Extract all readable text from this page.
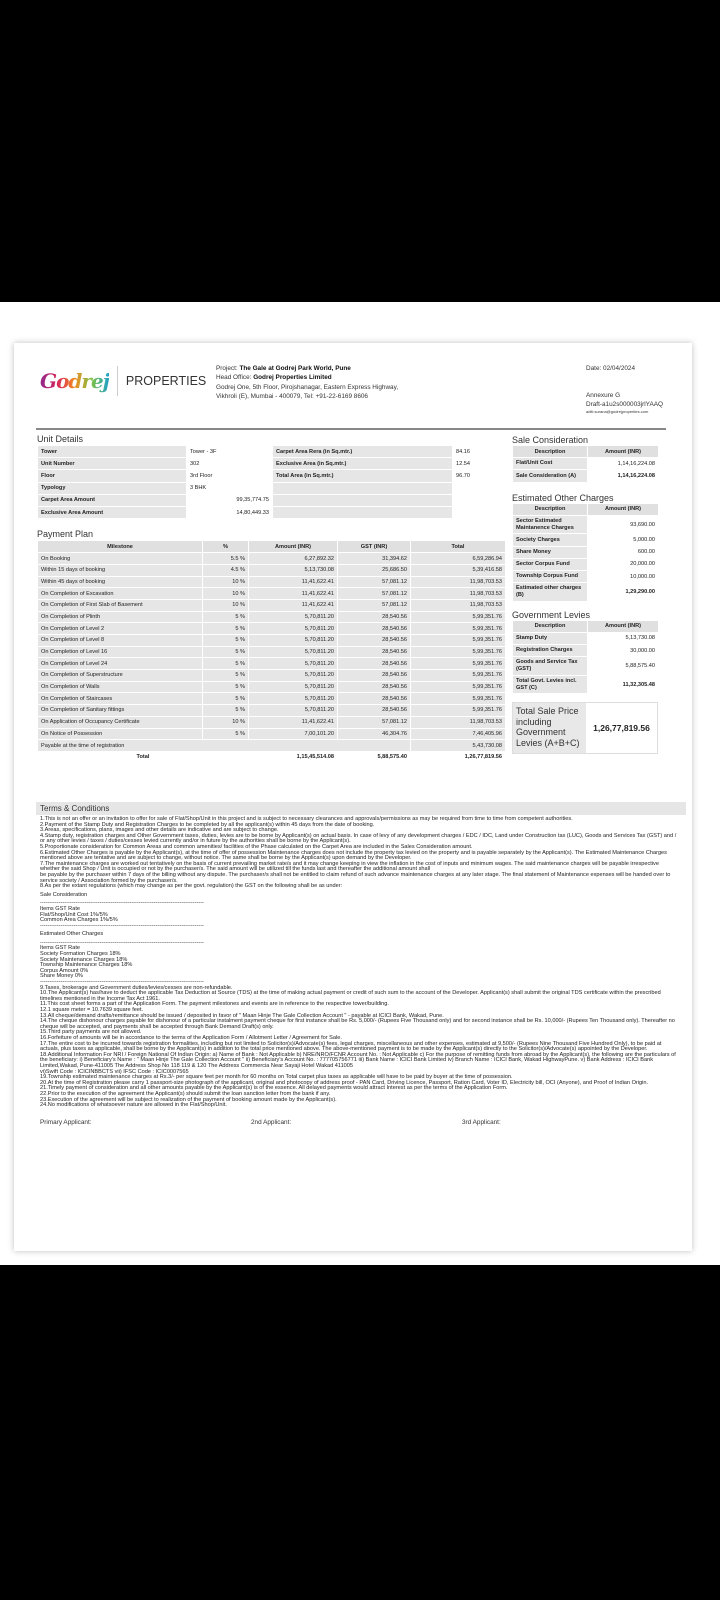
Godrej PROPERTIES
Project: The Gale at Godrej Park World, Pune
Head Office: Godrej Properties Limited
Godrej One, 5th Floor, Pirojshanagar, Eastern Express Highway,
Vikhroli (E), Mumbai - 400079, Tel: +91-22-6169 8606
Date: 02/04/2024
Annexure G
Draft-a1u2s000003jrlYAAQ
aditi.surana@godrejproperties.com
Unit Details
Tower	Tower - 3F	Carpet Area Rera (in Sq.mtr.)	84.16
Unit Number	302	Exclusive Area (in Sq.mtr.)	12.54
Floor	3rd Floor	Total Area (in Sq.mtr.)	96.70
Typology	3 BHK		
Carpet Area Amount	99,35,774.75		
Exclusive Area Amount	14,80,449.33		
Payment Plan
Milestone	%	Amount (INR)	GST (INR)	Total
On Booking	5.5 %	6,27,892.32	31,394.62	6,59,286.94
Within 15 days of booking	4.5 %	5,13,730.08	25,686.50	5,39,416.58
Within 45 days of booking	10 %	11,41,622.41	57,081.12	11,98,703.53
On Completion of Excavation	10 %	11,41,622.41	57,081.12	11,98,703.53
On Completion of First Slab of Basement	10 %	11,41,622.41	57,081.12	11,98,703.53
On Completion of Plinth	5 %	5,70,811.20	28,540.56	5,99,351.76
On Completion of Level 2	5 %	5,70,811.20	28,540.56	5,99,351.76
On Completion of Level 8	5 %	5,70,811.20	28,540.56	5,99,351.76
On Completion of Level 16	5 %	5,70,811.20	28,540.56	5,99,351.76
On Completion of Level 24	5 %	5,70,811.20	28,540.56	5,99,351.76
On Completion of Superstructure	5 %	5,70,811.20	28,540.56	5,99,351.76
On Completion of Walls	5 %	5,70,811.20	28,540.56	5,99,351.76
On Completion of Staircases	5 %	5,70,811.20	28,540.56	5,99,351.76
On Completion of Sanitary fittings	5 %	5,70,811.20	28,540.56	5,99,351.76
On Application of Occupancy Certificate	10 %	11,41,622.41	57,081.12	11,98,703.53
On Notice of Possession	5 %	7,00,101.20	46,304.76	7,46,405.96
Payable at the time of registration				5,43,730.08
Total		1,15,45,514.08	5,88,575.40	1,26,77,819.56
Sale Consideration
Description	Amount (INR)
Flat/Unit Cost	1,14,16,224.08
Sale Consideration (A)	1,14,16,224.08
Estimated Other Charges
Description	Amount (INR)
Sector Estimated Maintanence Charges	93,690.00
Society Charges	5,000.00
Share Money	600.00
Sector Corpus Fund	20,000.00
Township Corpus Fund	10,000.00
Estimated other charges (B)	1,29,290.00
Government Levies
Description	Amount (INR)
Stamp Duty	5,13,730.08
Registration Charges	30,000.00
Goods and Service Tax (GST)	5,88,575.40
Total Govt. Levies incl. GST (C)	11,32,305.48
Total Sale Price including Government Levies (A+B+C)
1,26,77,819.56
Terms & Conditions

1.This is not an offer or an invitation to offer for sale of Flat/Shop/Unit in this project and is subject to necessary clearances and approvals/permissions as may be required from time to time from competent authorities.

2.Payment of the Stamp Duty and Registration Charges to be completed by all the applicant(s) within 45 days from the date of booking.

3.Areas, specifications, plans, images and other details are indicative and are subject to change.

4.Stamp duty, registration charges and Other Government taxes, duties, levies are to be borne by Applicant(s) on actual basis. In case of levy of any development charges / EDC / IDC, Land under Construction tax (LUC), Goods and Services Tax (GST) and / or any other levies / taxes / duties/cesses levied currently and/or in future by the authorities shall be borne by the Applicant(s).

5.Proportionate consideration for Common Areas and common amenities/ facilities of the Phase calculated on the Carpet Area are included in the Sales Consideration amount.

6.Estimated Other Charges is payable by the Applicant(s), at the time of offer of possession Maintenance charges does not include the property tax levied on the property and is payable separately by the Applicant(s). The Estimated Maintenance Charges mentioned above are tentative and are subject to change, without notice. The same shall be borne by the Applicant(s) upon demand by the Developer.

7.The maintenance charges are worked out tentatively on the basis of current prevailing market rate/s and it may change keeping in view the inflation in the cost of inputs and minimum wages. The said maintenance charges will be payable irrespective whether the said Shop / Unit is occupied or not by the purchaser/s. The said amount will be utilized till the funds last and thereafter the additional amount shall

be payable by the purchaser within 7 days of the billing without any dispute. The purchaser/s shall not be entitled to claim refund of such advance maintenance charges at any later stage. The final statement of Maintenance expenses will be handed over to service society / Association formed by the purchaser/s.

8.As per the extant regulations (which may change as per the govt. regulation) the GST on the following shall be as under:

Sale Consideration

----------------------------------------------------------------------------------------

Items GST Rate

Flat/Shop/Unit Cost 1%/5%

Common Area Charges 1%/5%

----------------------------------------------------------------------------------------

Estimated Other Charges

----------------------------------------------------------------------------------------

Items GST Rate

Society Formation Charges 18%

Society Maintenance Charges 18%

Township Maintenance Charges 18%

Corpus Amount 0%

Share Money 0%

----------------------------------------------------------------------------------------

9.Taxes, brokerage and Government duties/levies/cesses are non-refundable.

10.The Applicant(s) has/have to deduct the applicable Tax Deduction at Source (TDS) at the time of making actual payment or credit of such sum to the account of the Developer. Applicant(s) shall submit the original TDS certificate within the prescribed timelines mentioned in the Income Tax Act 1961.

11.This cost sheet forms a part of the Application Form. The payment milestones and events are in reference to the respective tower/building.

12.1 square meter = 10.7639 square feet.

13.All cheque/demand drafts/remittance should be issued / deposited in favor of " Maan Hinje The Gale Collection Account " - payable at ICICI Bank, Wakad, Pune.

14.The cheque dishonour charges payable for dishonour of a particular instalment payment cheque for first instance shall be Rs. 5,000/- (Rupees Five Thousand only) and for second instance shall be Rs. 10,000/- (Rupees Ten Thousand only). Thereafter no cheque will be accepted, and payments shall be accepted through Bank Demand Draft(s) only.

15.Third party payments are not allowed.

16.Forfeiture of amounts will be in accordance to the terms of the Application Form / Allotment Letter / Agreement for Sale.

17.The entire cost to be incurred towards registration formalities, including but not limited to Solicitor(s)/Advocate(s) fees, legal charges, miscellaneous and other expenses, estimated at 9,500/- (Rupees Nine Thousand Five Hundred Only), to be paid at actuals, plus taxes as applicable, shall be borne by the Applicant(s) in addition to the total price mentioned above. The above-mentioned payment is to be made by the Applicant(s) directly to the Solicitor(s)/Advocate(s) appointed by the Developer.

18.Additional Information For NRI / Foreign National Of Indian Origin: a) Name of Bank : Not Applicable b) NRE/NRO/FCNR Account No. : Not Applicable c) For the purpose of remitting funds from abroad by the Applicant(s), the following are the particulars of the beneficiary: i) Beneficiary's Name : " Maan Hinje The Gale Collection Account " ii) Beneficiary's Account No. : 777705756771 iii) Bank Name : ICICI Bank Limited iv) Branch Name : ICICI Bank, Wakad HighwayPune. v) Bank Address : ICICI Bank Limited,Wakad, Pune-411005 The Address Shop No 118 119 & 120 The Address Commercia Near Sayaji Hotel Wakad 411005

vi)Swift Code : ICICINBBCTS vii) IFSC Code : ICIC0007565

19.Township estimated maintenance charges at Rs.3/- per square feet per month for 60 months on Total carpet plus taxes as applicable will have to be paid by buyer at the time of possession.

20.At the time of Registration please carry 1 passport-size photograph of the applicant, original and photocopy of address proof - PAN Card, Driving Licence, Passport, Ration Card, Voter ID, Electricity bill, OCI (Anyone), and Proof of Indian Origin.

21.Timely payment of consideration and all other amounts payable by the Applicant(s) is of the essence. All delayed payments would attract Interest as per the terms of the Application Form.

22.Prior to the execution of the agreement the Applicant(s) should submit the loan sanction letter from the bank if any.

23.Execution of the agreement will be subject to realization of the payment of booking amount made by the Applicant(s).

24.No modifications of whatsoever nature are allowed in the Flat/Shop/Unit.

Primary Applicant:	2nd Applicant:	3rd Applicant:
